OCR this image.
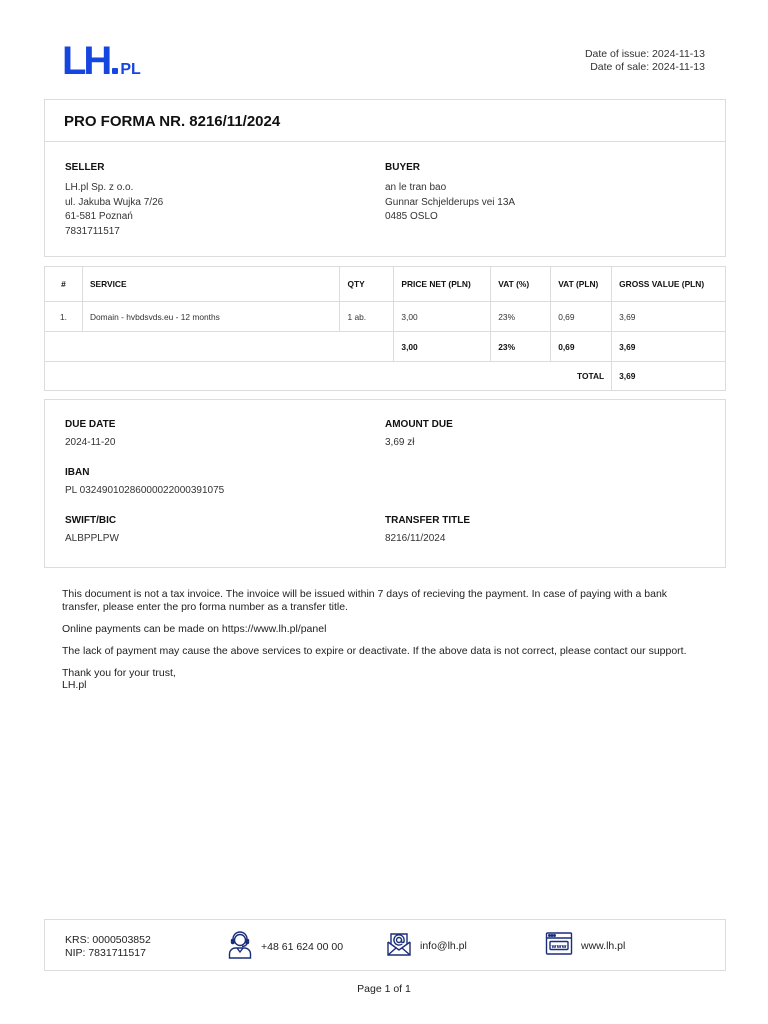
LH PL
Date of issue: 2024-11-13
Date of sale: 2024-11-13
PRO FORMA NR. 8216/11/2024
SELLER
LH.pl Sp. z o.o.
ul. Jakuba Wujka 7/26
61-581 Poznań
7831711517
BUYER
an le tran bao
Gunnar Schjelderups vei 13A
0485 OSLO
#	SERVICE	QTY	PRICE NET (PLN)	VAT (%)	VAT (PLN)	GROSS VALUE (PLN)
1.	Domain - hvbdsvds.eu - 12 months	1 ab.	3,00	23%	0,69	3,69
			3,00	23%	0,69	3,69
TOTAL						3,69
DUE DATE
2024-11-20
AMOUNT DUE
3,69 zł
IBAN
PL 03249010286000022000391075
SWIFT/BIC
ALBPPLPW
TRANSFER TITLE
8216/11/2024

This document is not a tax invoice. The invoice will be issued within 7 days of recieving the payment. In case of paying with a bank transfer, please enter the pro forma number as a transfer title.

Online payments can be made on https://www.lh.pl/panel

The lack of payment may cause the above services to expire or deactivate. If the above data is not correct, please contact our support.

Thank you for your trust,
LH.pl
KRS: 0000503852
NIP: 7831711517
+48 61 624 00 00	info@lh.pl	www www.lh.pl
Page 1 of 1
